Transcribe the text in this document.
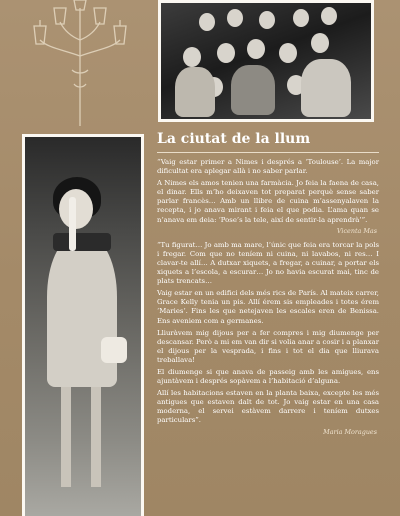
La ciutat de la llum

“Vaig estar primer a Nimes i després a ‘Toulouse’. La major dificultat era aplegar allà i no saber parlar.

A Nimes els amos tenien una farmàcia. Jo feia la faena de casa, el dinar. Ells m’ho deixaven tot preparat perquè sense saber parlar francès… Amb un llibre de cuina m’assenyalaven la recepta, i jo anava mirant i feia el que podia. L’ama quan se n’anava em deia: ‘Pose’s la tele, així de sentir-la aprendrà’”.

Vicenta Mas

“Tu figurat… Jo amb ma mare, l’únic que feia era torcar la pols i fregar. Com que no teníem ni cuina, ni lavabos, ni res… I clavar-te allí… A dutxar xiquets, a fregar, a cuinar, a portar els xiquets a l’escola, a escurar… Jo no havia escurat mai, tinc de plats trencats…

Vaig estar en un edifici dels més rics de París. Al mateix carrer, Grace Kelly tenia un pis. Allí érem sis empleades i totes érem ‘Maries’. Fins les que netejaven les escales eren de Benissa. Ens aveniem com a germanes.

Lliuràvem mig dijous per a fer compres i mig diumenge per descansar. Però a mi em van dir si volia anar a cosir i a planxar el dijous per la vesprada, i fins i tot el dia que lliurava treballava!

El diumenge si que anava de passeig amb les amigues, ens ajuntàvem i després sopàvem a l’habitació d’alguna.

Allí les habitacions estaven en la planta baixa, excepte les més antigues que estaven dalt de tot. Jo vaig estar en una casa moderna, el servei estàvem darrere i teníem dutxes particulars”.

Maria Moragues
